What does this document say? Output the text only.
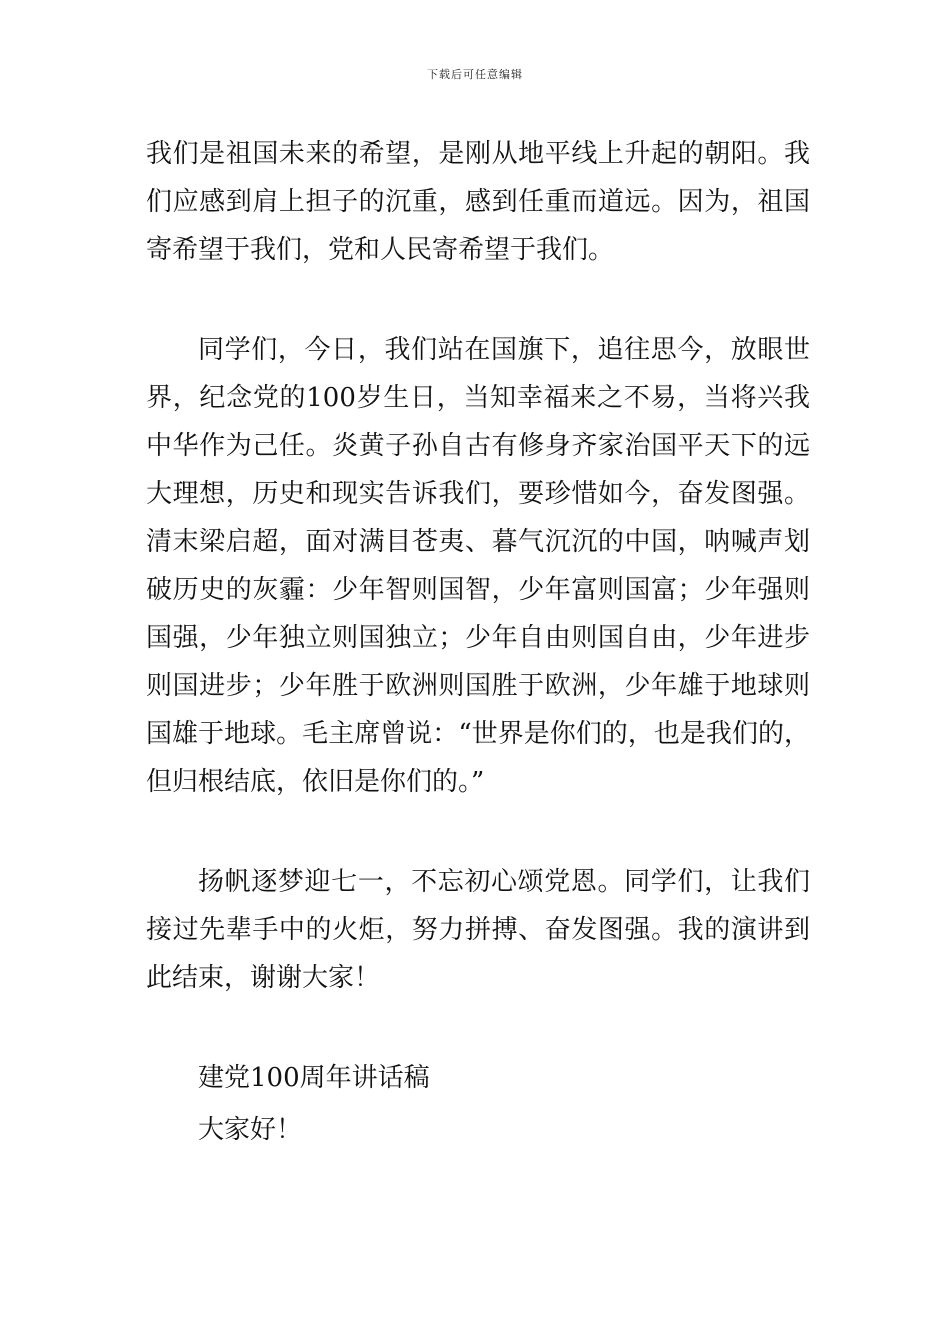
下载后可任意编辑

我们是祖国未来的希望，是刚从地平线上升起的朝阳。我们应感到肩上担子的沉重，感到任重而道远。因为，祖国寄希望于我们，党和人民寄希望于我们。

同学们，今日，我们站在国旗下，追往思今，放眼世界，纪念党的100岁生日，当知幸福来之不易，当将兴我中华作为己任。炎黄子孙自古有修身齐家治国平天下的远大理想，历史和现实告诉我们，要珍惜如今，奋发图强。清末梁启超，面对满目苍夷、暮气沉沉的中国，呐喊声划破历史的灰霾：少年智则国智，少年富则国富；少年强则国强，少年独立则国独立；少年自由则国自由，少年进步则国进步；少年胜于欧洲则国胜于欧洲，少年雄于地球则国雄于地球。毛主席曾说：“世界是你们的，也是我们的，但归根结底，依旧是你们的。”

扬帆逐梦迎七一，不忘初心颂党恩。同学们，让我们接过先辈手中的火炬，努力拼搏、奋发图强。我的演讲到此结束，谢谢大家！

建党100周年讲话稿
大家好！
